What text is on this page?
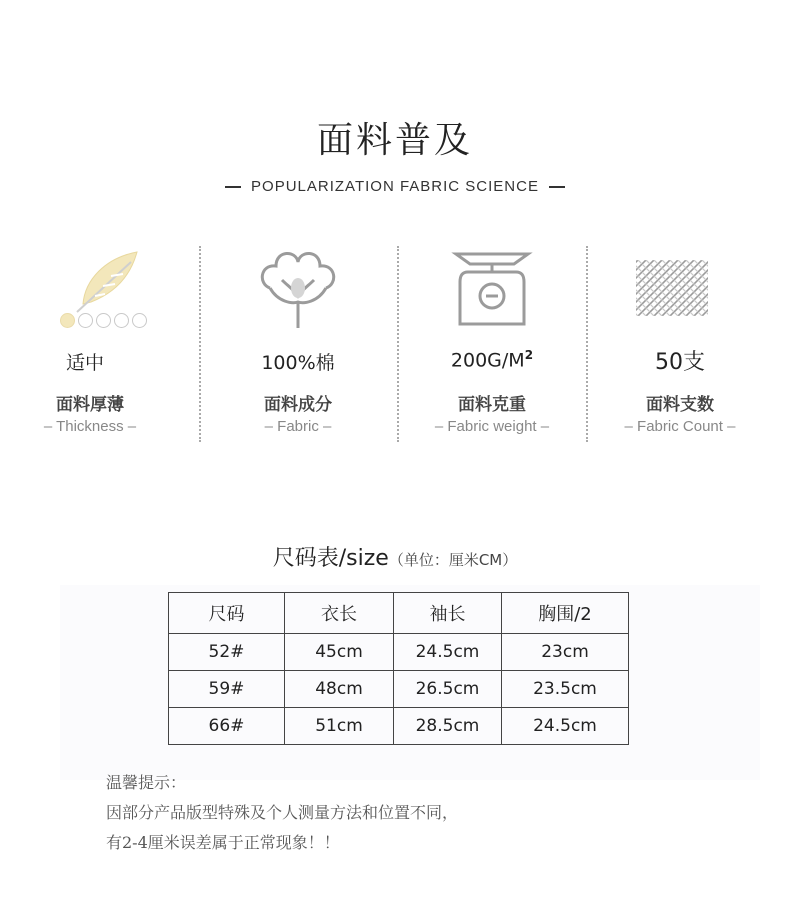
面料普及
POPULARIZATION FABRIC SCIENCE
适中
面料厚薄
– Thickness –
100%棉
面料成分
– Fabric –
$200G/M^2$
面料克重
– Fabric weight –
50支
面料支数
– Fabric Count –
尺码表/size（单位：厘米CM）
尺码	衣长	袖长	胸围/2
52#	45cm	24.5cm	23cm
59#	48cm	26.5cm	23.5cm
66#	51cm	28.5cm	24.5cm
温馨提示：
因部分产品版型特殊及个人测量方法和位置不同，
有2-4厘米误差属于正常现象！！
